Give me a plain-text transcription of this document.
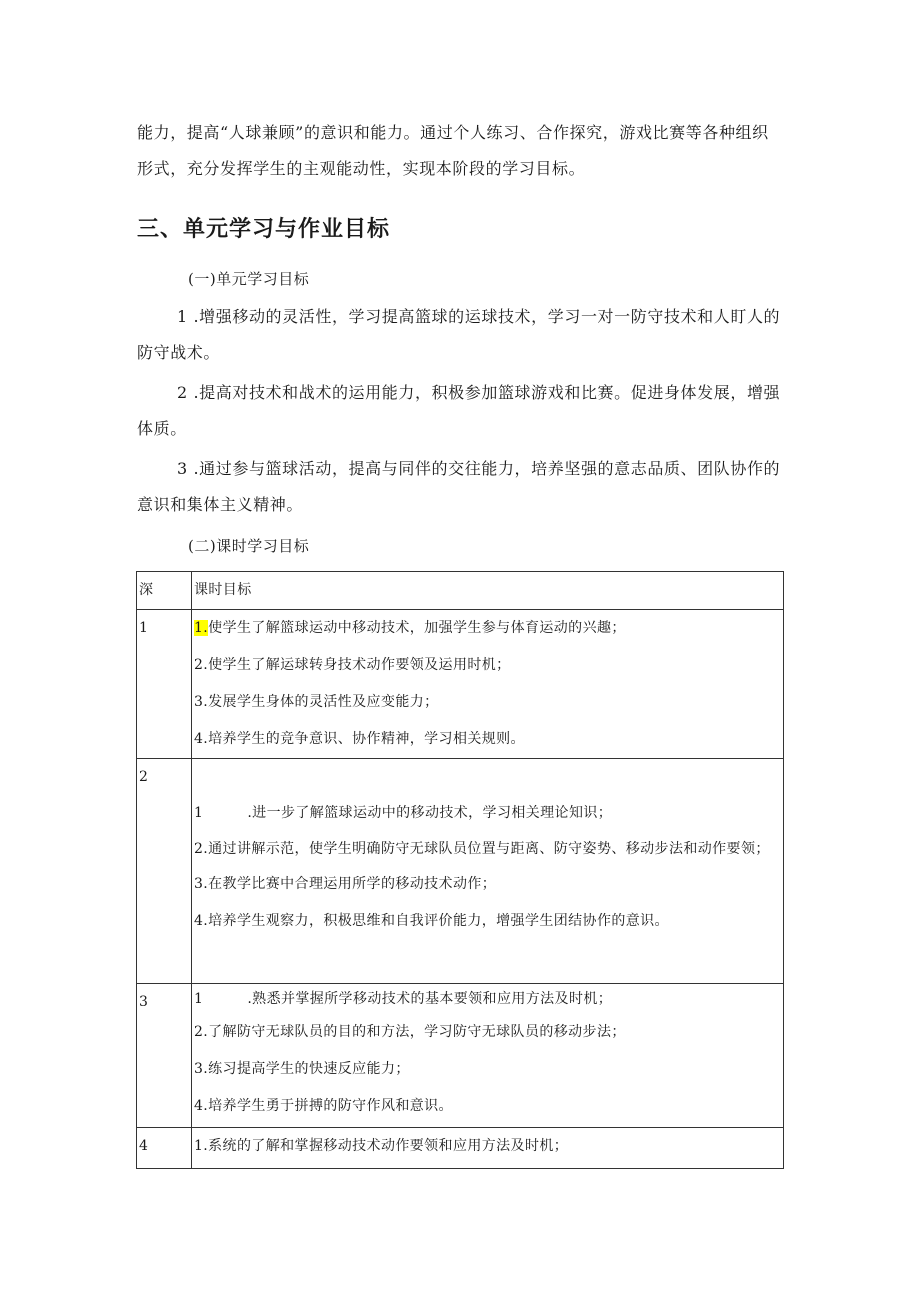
能力，提高“人球兼顾”的意识和能力。通过个人练习、合作探究，游戏比赛等各种组织
形式，充分发挥学生的主观能动性，实现本阶段的学习目标。

三、单元学习与作业目标

(一)单元学习目标

1 .增强移动的灵活性，学习提高篮球的运球技术，学习一对一防守技术和人盯人的防守战术。

2 .提高对技术和战术的运用能力，积极参加篮球游戏和比赛。促进身体发展，增强体质。

3 .通过参与篮球活动，提高与同伴的交往能力，培养坚强的意志品质、团队协作的意识和集体主义精神。

(二)课时学习目标

深	课时目标

1	1.使学生了解篮球运动中移动技术，加强学生参与体育运动的兴趣；
2.使学生了解运球转身技术动作要领及运用时机；
3.发展学生身体的灵活性及应变能力；
4.培养学生的竞争意识、协作精神，学习相关规则。

2	1 .进一步了解篮球运动中的移动技术，学习相关理论知识；
2.通过讲解示范，使学生明确防守无球队员位置与距离、防守姿势、移动步法和动作要领；
3.在教学比赛中合理运用所学的移动技术动作；
4.培养学生观察力，积极思维和自我评价能力，增强学生团结协作的意识。

3	1 .熟悉并掌握所学移动技术的基本要领和应用方法及时机；
2.了解防守无球队员的目的和方法，学习防守无球队员的移动步法；
3.练习提高学生的快速反应能力；
4.培养学生勇于拼搏的防守作风和意识。

4	1.系统的了解和掌握移动技术动作要领和应用方法及时机；
